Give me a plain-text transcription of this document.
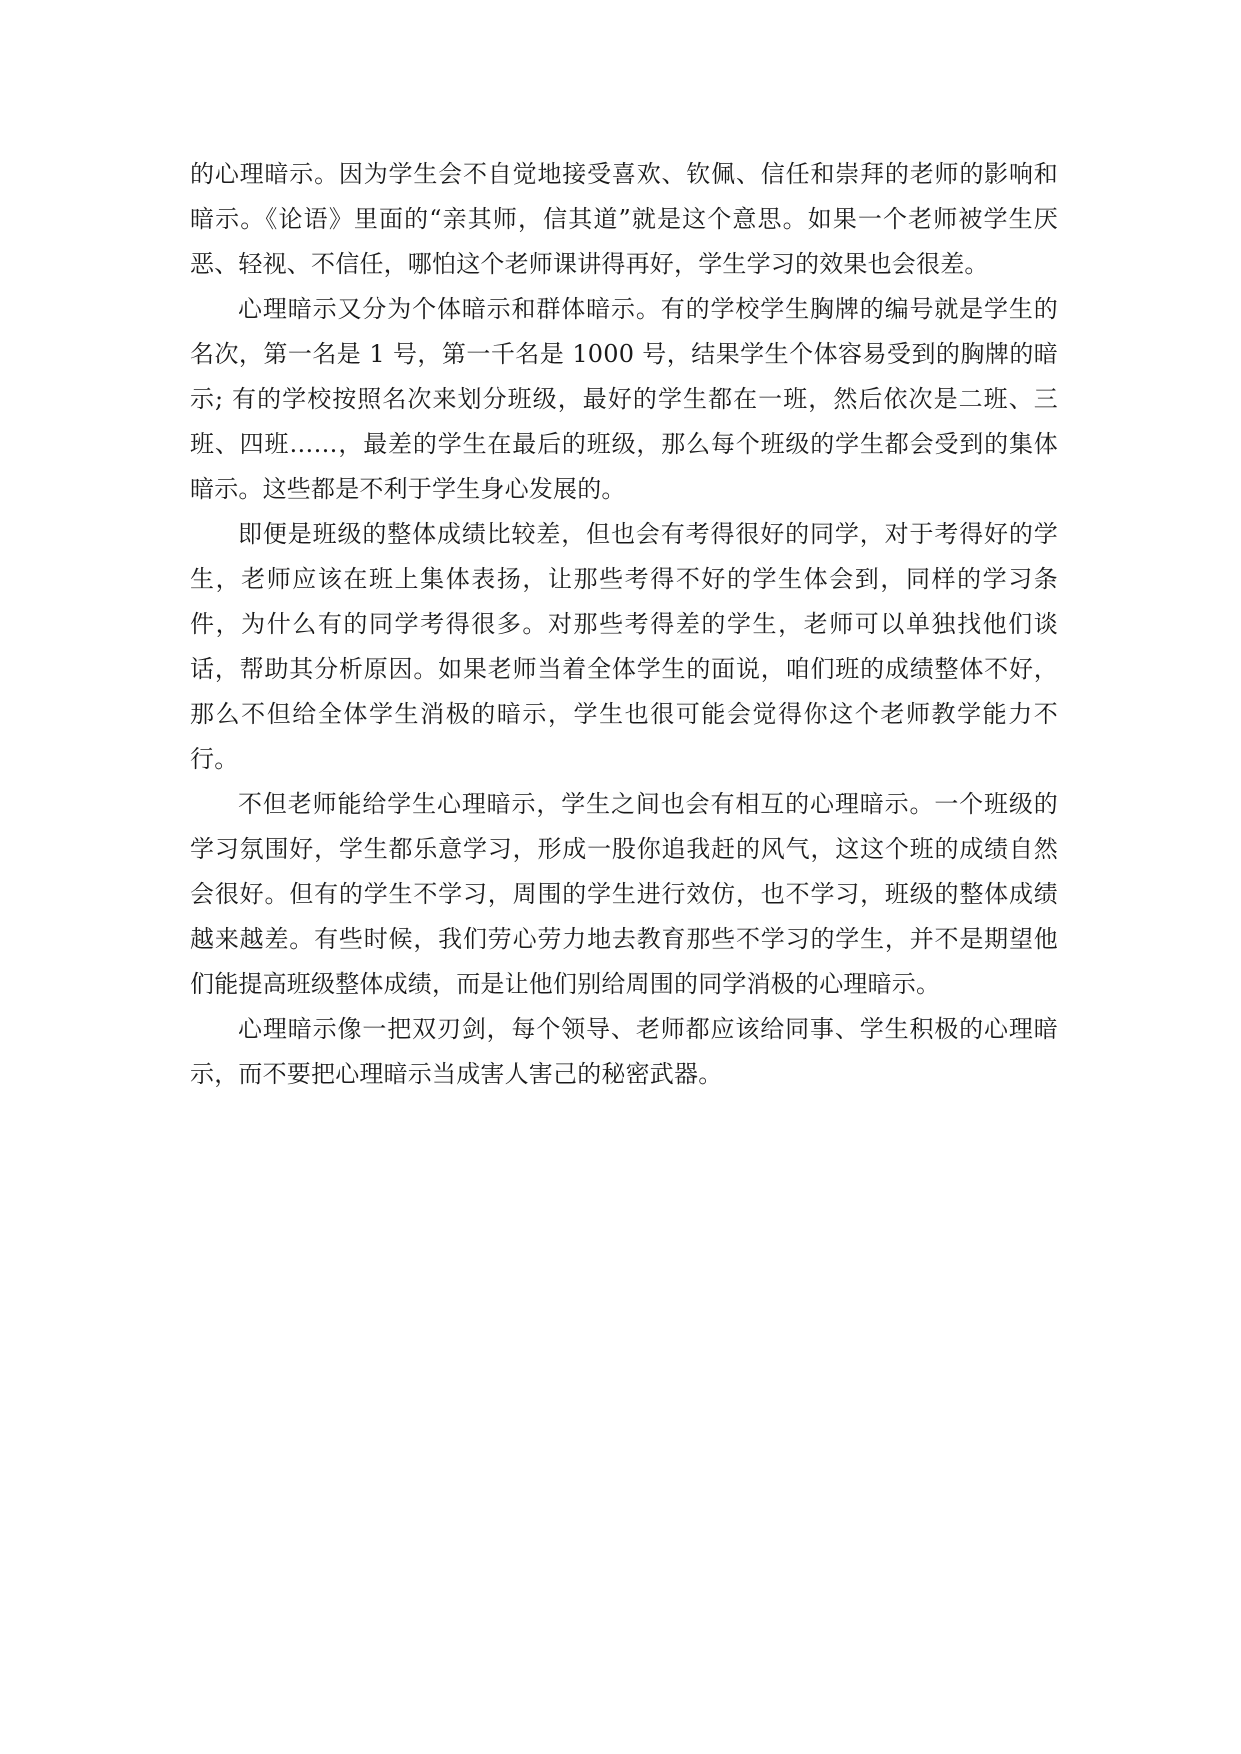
的心理暗示。因为学生会不自觉地接受喜欢、钦佩、信任和崇拜的老师的影响和暗示。《论语》里面的“亲其师，信其道”就是这个意思。如果一个老师被学生厌恶、轻视、不信任，哪怕这个老师课讲得再好，学生学习的效果也会很差。

心理暗示又分为个体暗示和群体暗示。有的学校学生胸牌的编号就是学生的名次，第一名是 1 号，第一千名是 1000 号，结果学生个体容易受到的胸牌的暗示; 有的学校按照名次来划分班级，最好的学生都在一班，然后依次是二班、三班、四班……，最差的学生在最后的班级，那么每个班级的学生都会受到的集体暗示。这些都是不利于学生身心发展的。

即便是班级的整体成绩比较差，但也会有考得很好的同学，对于考得好的学生，老师应该在班上集体表扬，让那些考得不好的学生体会到，同样的学习条件，为什么有的同学考得很多。对那些考得差的学生，老师可以单独找他们谈话，帮助其分析原因。如果老师当着全体学生的面说，咱们班的成绩整体不好，那么不但给全体学生消极的暗示，学生也很可能会觉得你这个老师教学能力不行。

不但老师能给学生心理暗示，学生之间也会有相互的心理暗示。一个班级的学习氛围好，学生都乐意学习，形成一股你追我赶的风气，这这个班的成绩自然会很好。但有的学生不学习，周围的学生进行效仿，也不学习，班级的整体成绩越来越差。有些时候，我们劳心劳力地去教育那些不学习的学生，并不是期望他们能提高班级整体成绩，而是让他们别给周围的同学消极的心理暗示。

心理暗示像一把双刃剑，每个领导、老师都应该给同事、学生积极的心理暗示，而不要把心理暗示当成害人害己的秘密武器。
